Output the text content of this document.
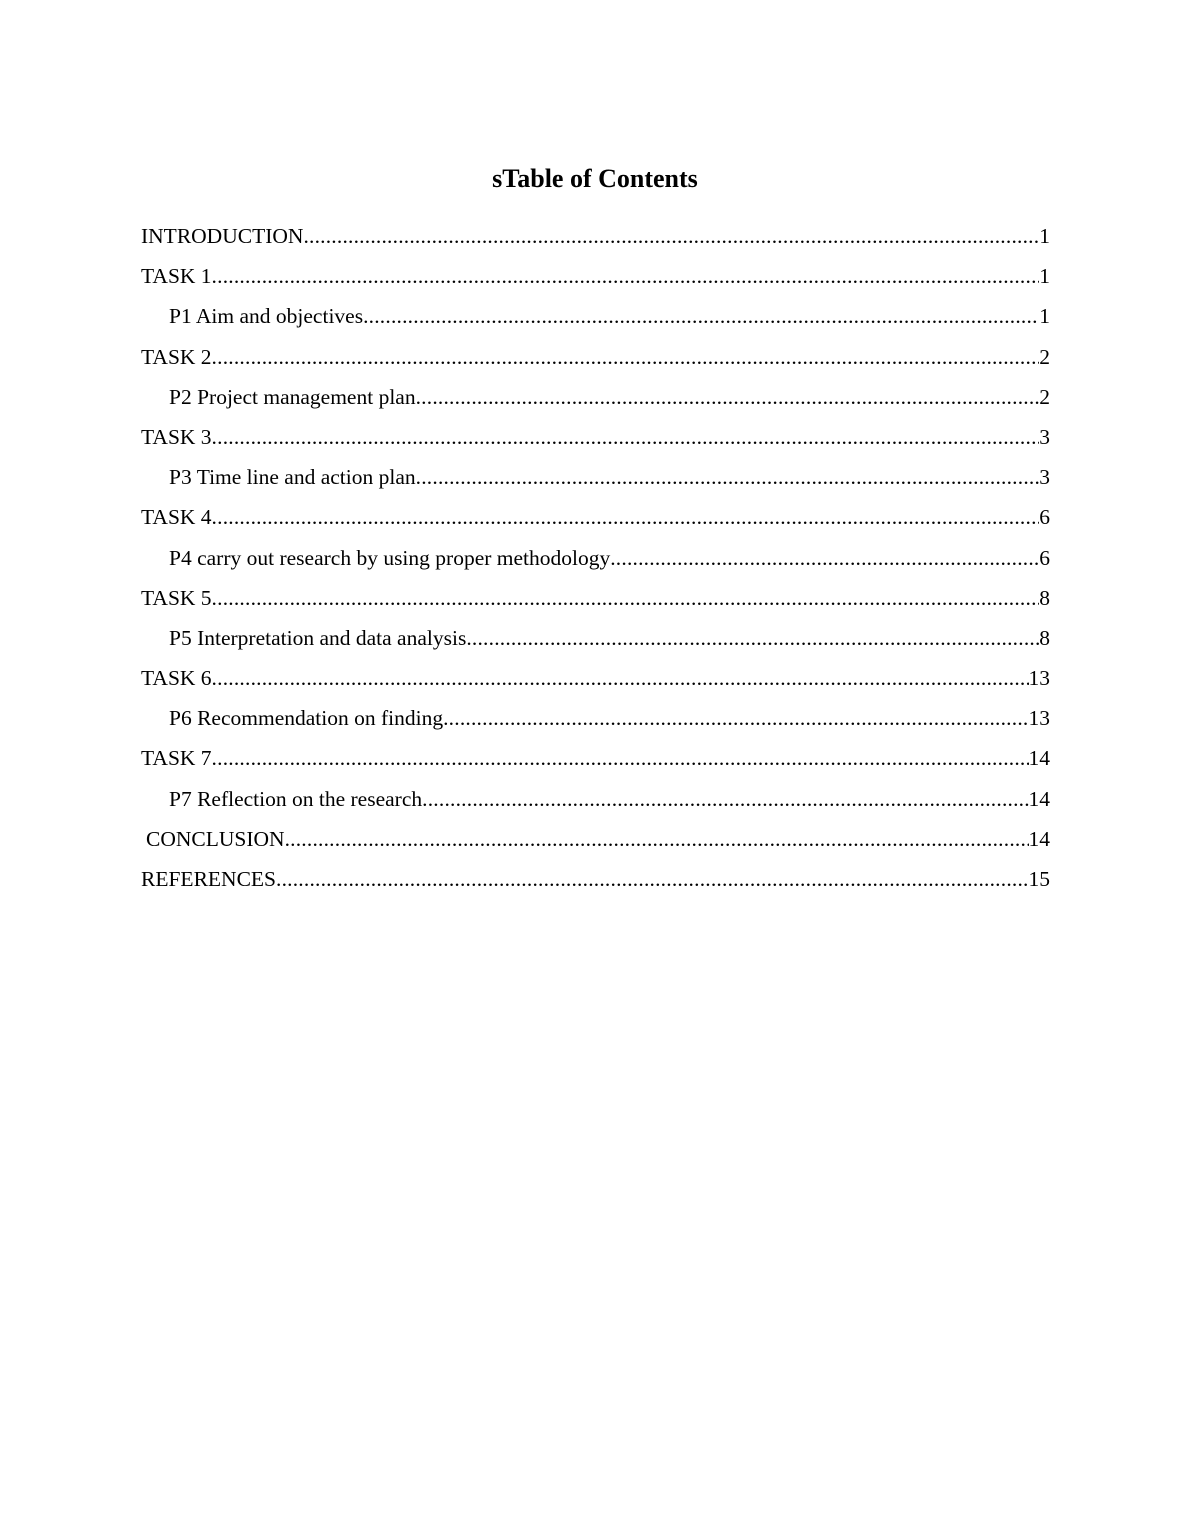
sTable of Contents
INTRODUCTION .....	1
TASK 1 .....	1
P1 Aim and objectives .....	1
TASK 2 .....	2
P2 Project management plan .....	2
TASK 3 .....	3
P3 Time line and action plan .....	3
TASK 4 .....	6
P4 carry out research by using proper methodology .....	6
TASK 5 .....	8
P5 Interpretation and data analysis .....	8
TASK 6 .....	13
P6 Recommendation on finding .....	13
TASK 7 .....	14
P7 Reflection on the research .....	14
CONCLUSION .....	14
REFERENCES .....	15
